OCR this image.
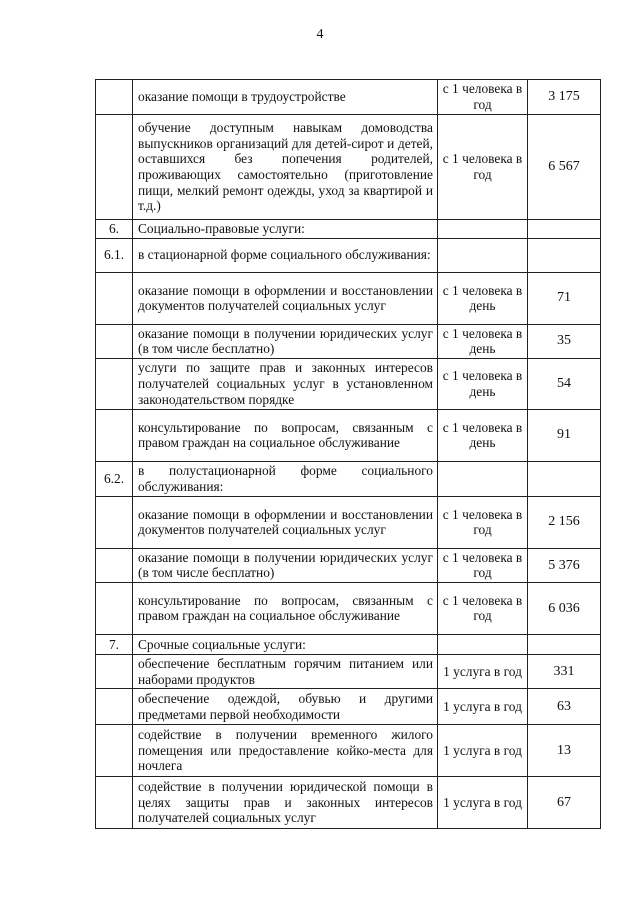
4
	оказание помощи в трудоустройстве	с 1 человека в год	3 175
	обучение доступным навыкам домоводства выпускников организаций для детей-сирот и детей, оставшихся без попечения родителей, проживающих самостоятельно (приготовление пищи, мелкий ремонт одежды, уход за квартирой и т.д.)	с 1 человека в год	6 567
6.	Социально-правовые услуги:		
6.1.	в стационарной форме социального обслуживания:		
	оказание помощи в оформлении и восстановлении документов получателей социальных услуг	с 1 человека в день	71
	оказание помощи в получении юридических услуг (в том числе бесплатно)	с 1 человека в день	35
	услуги по защите прав и законных интересов получателей социальных услуг в установленном законодательством порядке	с 1 человека в день	54
	консультирование по вопросам, связанным с правом граждан на социальное обслуживание	с 1 человека в день	91
6.2.	в полустационарной форме социального обслуживания:		
	оказание помощи в оформлении и восстановлении документов получателей социальных услуг	с 1 человека в год	2 156
	оказание помощи в получении юридических услуг (в том числе бесплатно)	с 1 человека в год	5 376
	консультирование по вопросам, связанным с правом граждан на социальное обслуживание	с 1 человека в год	6 036
7.	Срочные социальные услуги:		
	обеспечение бесплатным горячим питанием или наборами продуктов	1 услуга в год	331
	обеспечение одеждой, обувью и другими предметами первой необходимости	1 услуга в год	63
	содействие в получении временного жилого помещения или предоставление койко-места для ночлега	1 услуга в год	13
	содействие в получении юридической помощи в целях защиты прав и законных интересов получателей социальных услуг	1 услуга в год	67
